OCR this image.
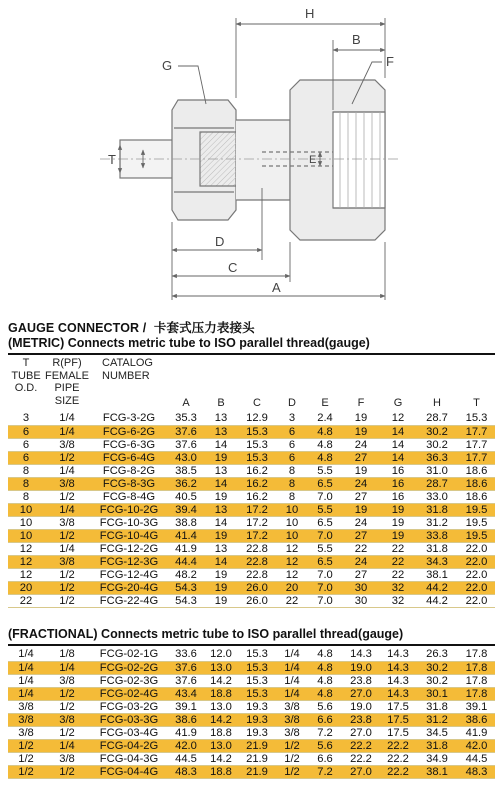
H
B
G	F
T	E
D
C
A
GAUGE CONNECTOR / 卡套式压力表接头
(METRIC) Connects metric tube to ISO parallel thread(gauge)
T
TUBE
O.D.
R(PF)
FEMALE
PIPE
SIZE
CATALOG
NUMBER
A	B	C	D	E	F	G	H	T
3	1/4	FCG-3-2G	35.3	13	12.9	3	2.4	19	12	28.7	15.3
6	1/4	FCG-6-2G	37.6	13	15.3	6	4.8	19	14	30.2	17.7
6	3/8	FCG-6-3G	37.6	14	15.3	6	4.8	24	14	30.2	17.7
6	1/2	FCG-6-4G	43.0	19	15.3	6	4.8	27	14	36.3	17.7
8	1/4	FCG-8-2G	38.5	13	16.2	8	5.5	19	16	31.0	18.6
8	3/8	FCG-8-3G	36.2	14	16.2	8	6.5	24	16	28.7	18.6
8	1/2	FCG-8-4G	40.5	19	16.2	8	7.0	27	16	33.0	18.6
10	1/4	FCG-10-2G	39.4	13	17.2	10	5.5	19	19	31.8	19.5
10	3/8	FCG-10-3G	38.8	14	17.2	10	6.5	24	19	31.2	19.5
10	1/2	FCG-10-4G	41.4	19	17.2	10	7.0	27	19	33.8	19.5
12	1/4	FCG-12-2G	41.9	13	22.8	12	5.5	22	22	31.8	22.0
12	3/8	FCG-12-3G	44.4	14	22.8	12	6.5	24	22	34.3	22.0
12	1/2	FCG-12-4G	48.2	19	22.8	12	7.0	27	22	38.1	22.0
20	1/2	FCG-20-4G	54.3	19	26.0	20	7.0	30	32	44.2	22.0
22	1/2	FCG-22-4G	54.3	19	26.0	22	7.0	30	32	44.2	22.0
(FRACTIONAL) Connects metric tube to ISO parallel thread(gauge)
1/4	1/8	FCG-02-1G	33.6	12.0	15.3	1/4	4.8	14.3	14.3	26.3	17.8
1/4	1/4	FCG-02-2G	37.6	13.0	15.3	1/4	4.8	19.0	14.3	30.2	17.8
1/4	3/8	FCG-02-3G	37.6	14.2	15.3	1/4	4.8	23.8	14.3	30.2	17.8
1/4	1/2	FCG-02-4G	43.4	18.8	15.3	1/4	4.8	27.0	14.3	30.1	17.8
3/8	1/2	FCG-03-2G	39.1	13.0	19.3	3/8	5.6	19.0	17.5	31.8	39.1
3/8	3/8	FCG-03-3G	38.6	14.2	19.3	3/8	6.6	23.8	17.5	31.2	38.6
3/8	1/2	FCG-03-4G	41.9	18.8	19.3	3/8	7.2	27.0	17.5	34.5	41.9
1/2	1/4	FCG-04-2G	42.0	13.0	21.9	1/2	5.6	22.2	22.2	31.8	42.0
1/2	3/8	FCG-04-3G	44.5	14.2	21.9	1/2	6.6	22.2	22.2	34.9	44.5
1/2	1/2	FCG-04-4G	48.3	18.8	21.9	1/2	7.2	27.0	22.2	38.1	48.3
